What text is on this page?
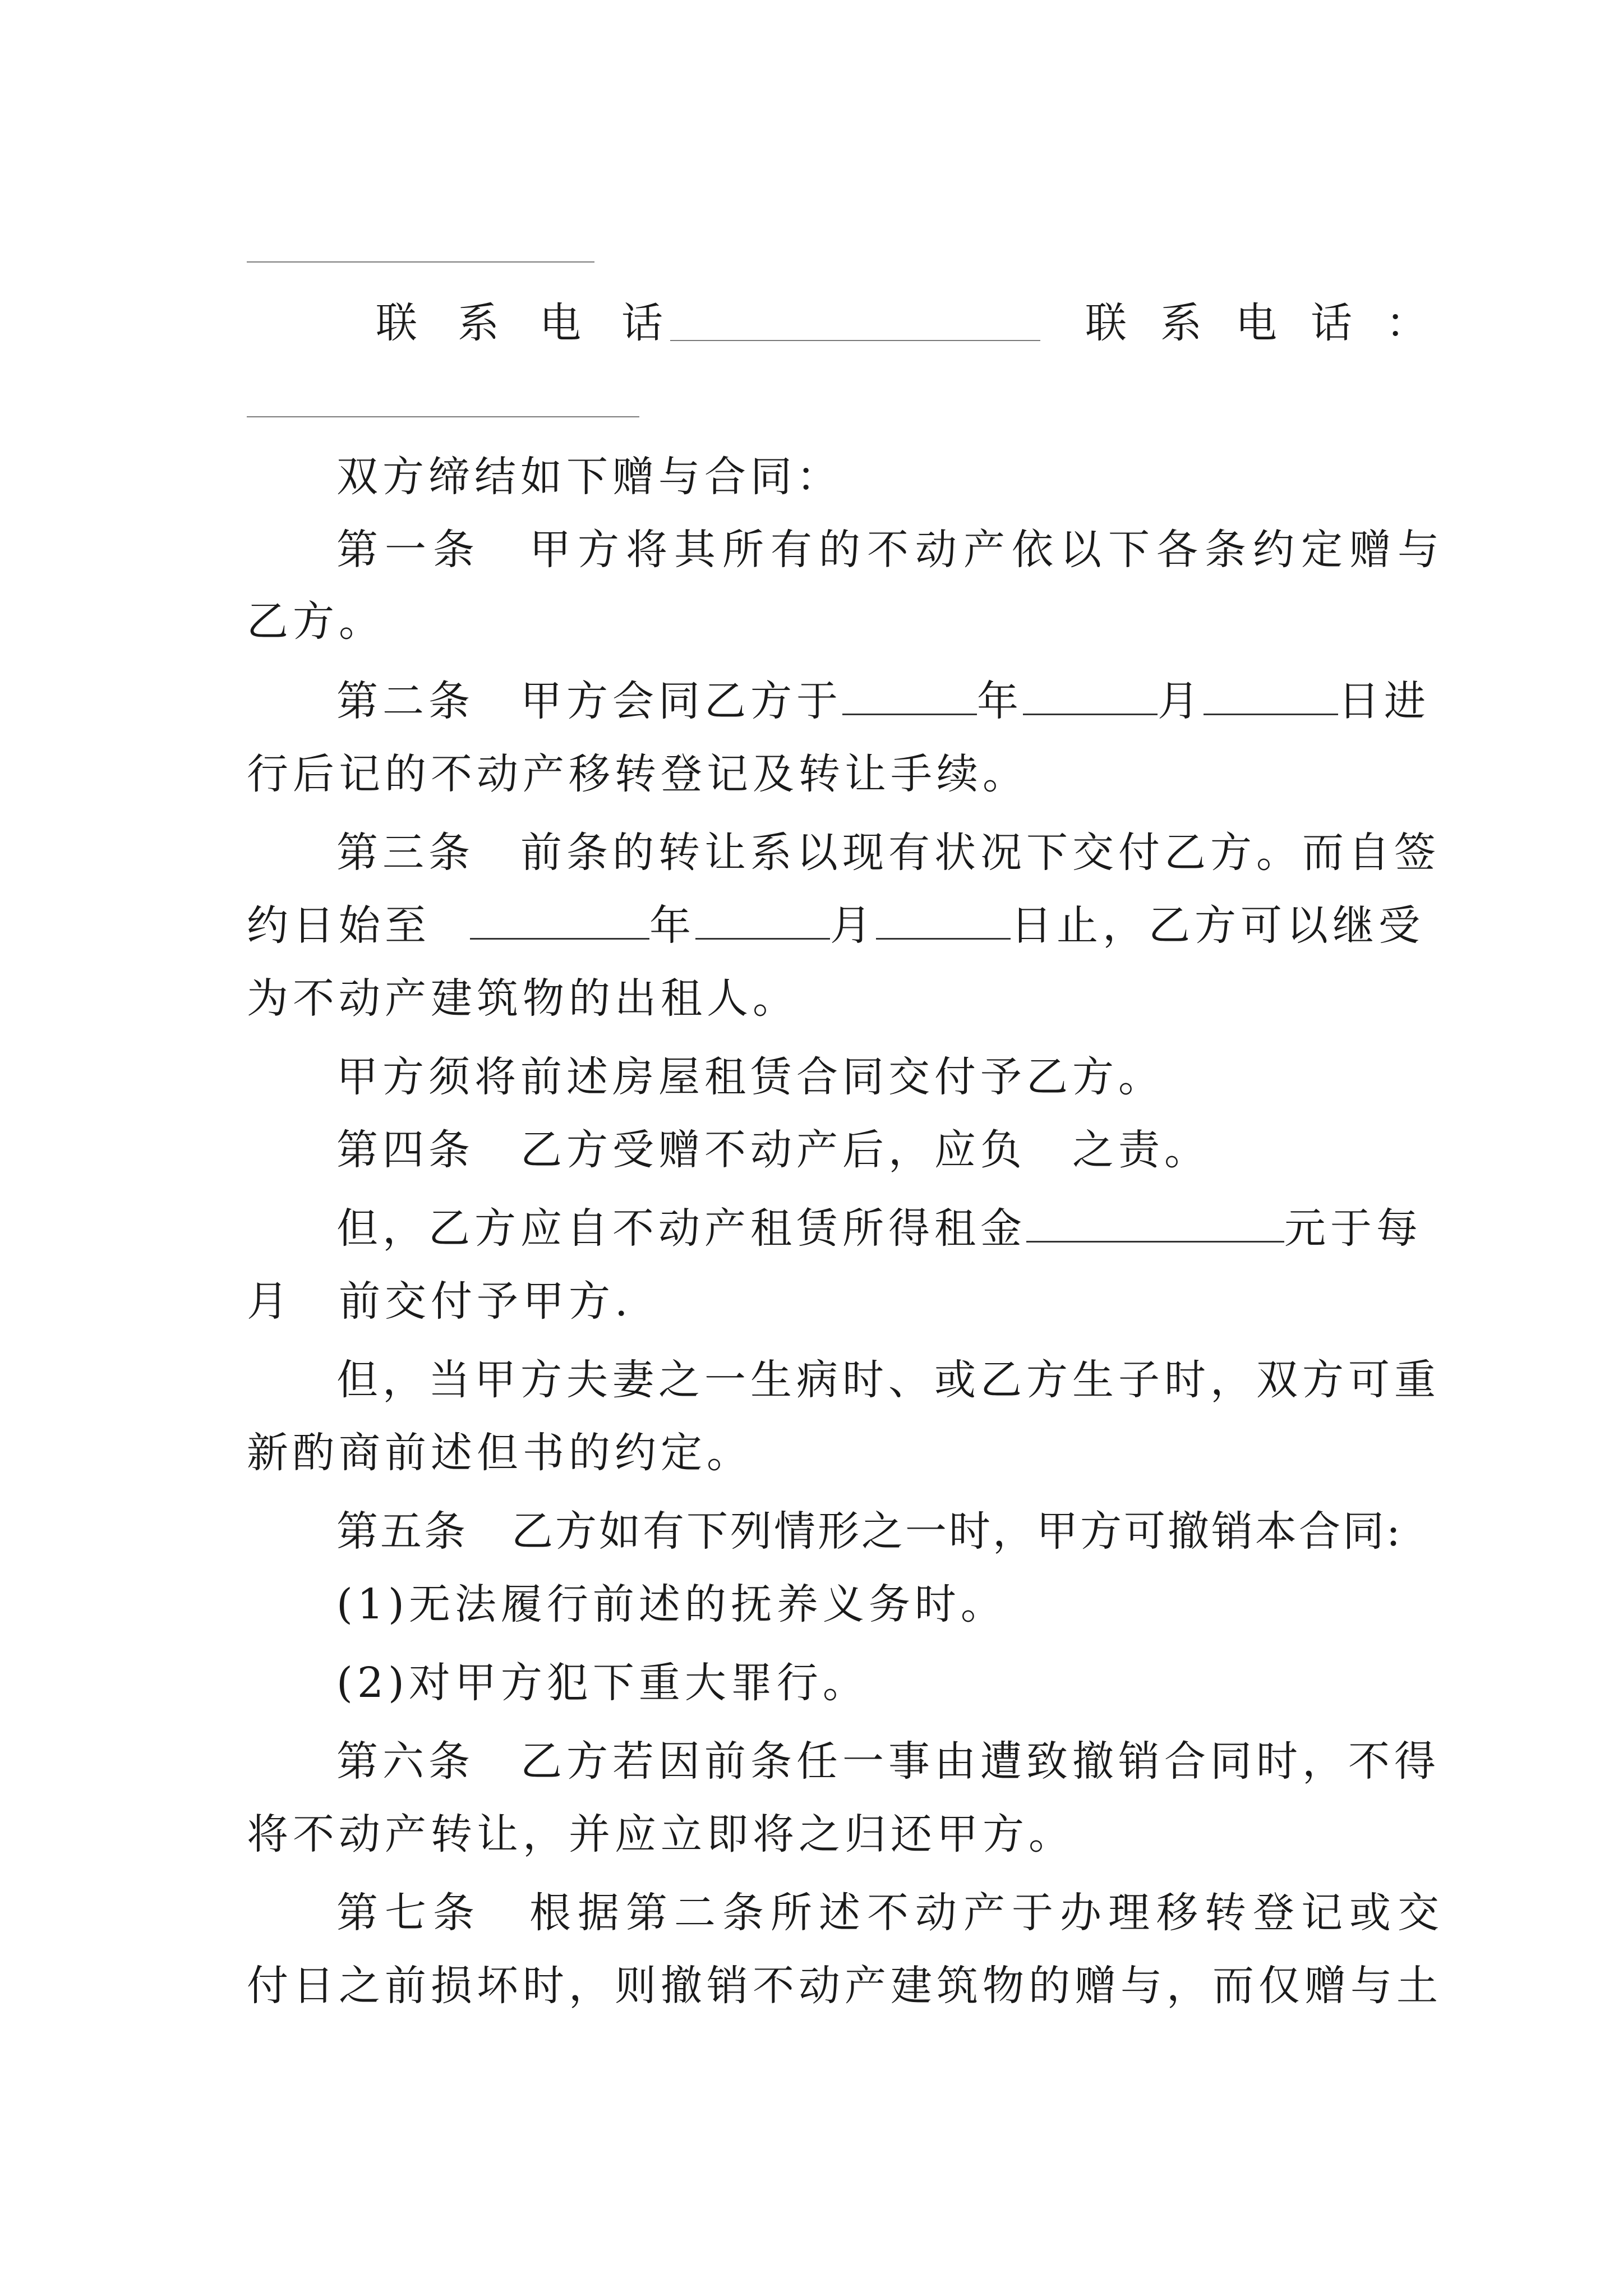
联系电话	联系电话：
双方缔结如下赠与合同：
第一条　甲方将其所有的不动产依以下各条约定赠与
乙方。
第二条　甲方会同乙方于	年	月	日进
行后记的不动产移转登记及转让手续。
第三条　前条的转让系以现有状况下交付乙方。而自签
约日始至	年	月	日止，乙方可以继受
为不动产建筑物的出租人。
甲方须将前述房屋租赁合同交付予乙方。
第四条　乙方受赠不动产后，应负　之责。
但，乙方应自不动产租赁所得租金	元于每
月　前交付予甲方.
但，当甲方夫妻之一生病时、或乙方生子时，双方可重
新酌商前述但书的约定。
第五条　乙方如有下列情形之一时，甲方可撤销本合同:
(1)无法履行前述的抚养义务时。
(2)对甲方犯下重大罪行。
第六条　乙方若因前条任一事由遭致撤销合同时，不得
将不动产转让，并应立即将之归还甲方。
第七条　根据第二条所述不动产于办理移转登记或交
付日之前损坏时，则撤销不动产建筑物的赠与，而仅赠与土
